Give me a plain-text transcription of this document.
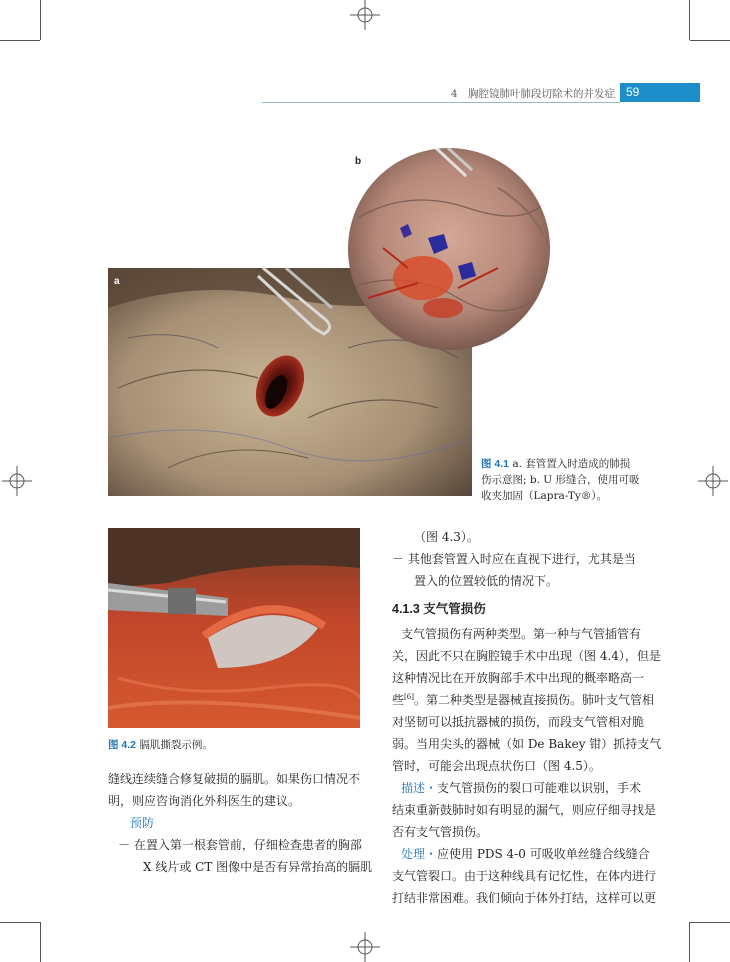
4　胸腔镜肺叶肺段切除术的并发症 59
a
b
图 4.1 a. 套管置入时造成的肺损
伤示意图; b. U 形缝合，使用可吸
收夹加固（Lapra-Ty®）。
图 4.2 膈肌撕裂示例。
缝线连续缝合修复破损的膈肌。如果伤口情况不
明，则应咨询消化外科医生的建议。
预防
－ 在置入第一根套管前，仔细检查患者的胸部
X 线片或 CT 图像中是否有异常抬高的膈肌
（图 4.3）。
－ 其他套管置入时应在直视下进行，尤其是当
置入的位置较低的情况下。
4.1.3 支气管损伤
支气管损伤有两种类型。第一种与气管插管有
关，因此不只在胸腔镜手术中出现（图 4.4），但是
这种情况比在开放胸部手术中出现的概率略高一
些[6]。第二种类型是器械直接损伤。肺叶支气管相
对坚韧可以抵抗器械的损伤，而段支气管相对脆
弱。当用尖头的器械（如 De Bakey 钳）抓持支气
管时，可能会出现点状伤口（图 4.5）。
描述・支气管损伤的裂口可能难以识别，手术
结束重新鼓肺时如有明显的漏气，则应仔细寻找是
否有支气管损伤。
处理・应使用 PDS 4-0 可吸收单丝缝合线缝合
支气管裂口。由于这种线具有记忆性，在体内进行
打结非常困难。我们倾向于体外打结，这样可以更
